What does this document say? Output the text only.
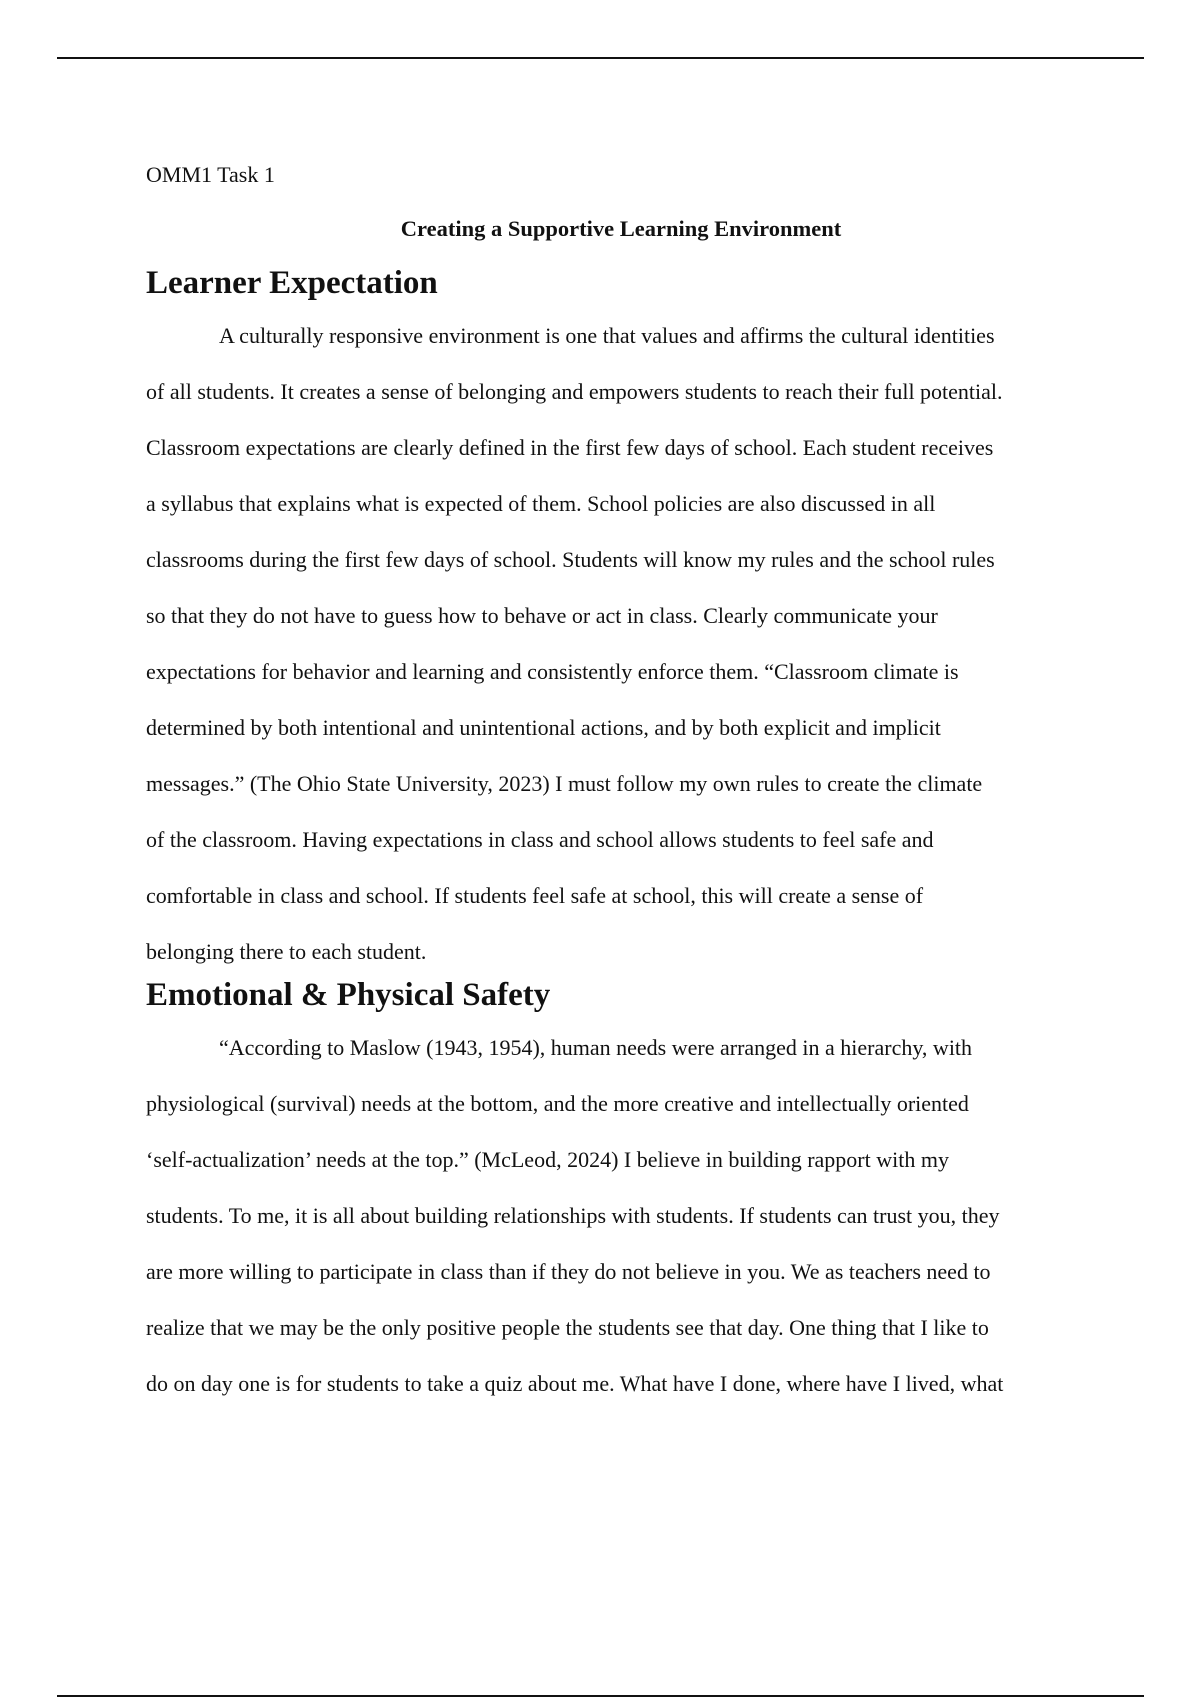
OMM1 Task 1

Creating a Supportive Learning Environment
Learner Expectation
A culturally responsive environment is one that values and affirms the cultural identities
of all students. It creates a sense of belonging and empowers students to reach their full potential.
Classroom expectations are clearly defined in the first few days of school. Each student receives
a syllabus that explains what is expected of them. School policies are also discussed in all
classrooms during the first few days of school. Students will know my rules and the school rules
so that they do not have to guess how to behave or act in class. Clearly communicate your
expectations for behavior and learning and consistently enforce them. “Classroom climate is
determined by both intentional and unintentional actions, and by both explicit and implicit
messages.” (The Ohio State University, 2023) I must follow my own rules to create the climate
of the classroom. Having expectations in class and school allows students to feel safe and
comfortable in class and school. If students feel safe at school, this will create a sense of
belonging there to each student.
Emotional & Physical Safety
“According to Maslow (1943, 1954), human needs were arranged in a hierarchy, with
physiological (survival) needs at the bottom, and the more creative and intellectually oriented
‘self-actualization’ needs at the top.” (McLeod, 2024) I believe in building rapport with my
students. To me, it is all about building relationships with students. If students can trust you, they
are more willing to participate in class than if they do not believe in you. We as teachers need to
realize that we may be the only positive people the students see that day. One thing that I like to
do on day one is for students to take a quiz about me. What have I done, where have I lived, what
